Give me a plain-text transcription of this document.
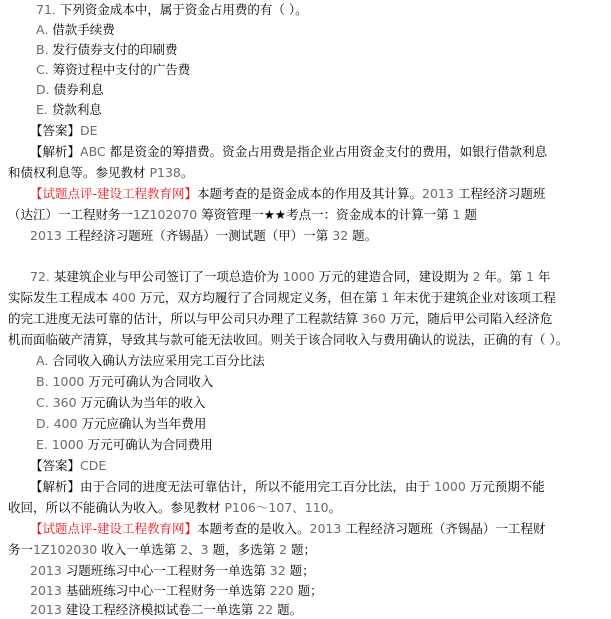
71. 下列资金成本中，属于资金占用费的有（ ）。
A. 借款手续费
B. 发行债券支付的印刷费
C. 筹资过程中支付的广告费
D. 债券利息
E. 贷款利息
【答案】DE
【解析】ABC 都是资金的筹措费。资金占用费是指企业占用资金支付的费用，如银行借款利息
和债权利息等。参见教材 P138。
【试题点评-建设工程教育网】本题考查的是资金成本的作用及其计算。2013 工程经济习题班
（达江）一工程财务一1Z102070 筹资管理一★★考点一：资金成本的计算一第 1 题
2013 工程经济习题班（齐锡晶）一测试题（甲）一第 32 题。
72. 某建筑企业与甲公司签订了一项总造价为 1000 万元的建造合同，建设期为 2 年。第 1 年
实际发生工程成本 400 万元，双方均履行了合同规定义务，但在第 1 年末优于建筑企业对该项工程
的完工进度无法可靠的估计，所以与甲公司只办理了工程款结算 360 万元，随后甲公司陷入经济危
机而面临破产清算，导致其与款可能无法收回。则关于该合同收入与费用确认的说法，正确的有（ ）。
A. 合同收入确认方法应采用完工百分比法
B. 1000 万元可确认为合同收入
C. 360 万元确认为当年的收入
D. 400 万元应确认为当年费用
E. 1000 万元可确认为合同费用
【答案】CDE
【解析】由于合同的进度无法可靠估计，所以不能用完工百分比法，由于 1000 万元预期不能
收回，所以不能确认为收入。参见教材 P106～107、110。
【试题点评-建设工程教育网】本题考查的是收入。2013 工程经济习题班（齐锡晶）一工程财
务一1Z102030 收入一单选第 2、3 题，多选第 2 题；
2013 习题班练习中心一工程财务一单选第 32 题；
2013 基础班练习中心一工程财务一单选第 220 题；
2013 建设工程经济模拟试卷二一单选第 22 题。
